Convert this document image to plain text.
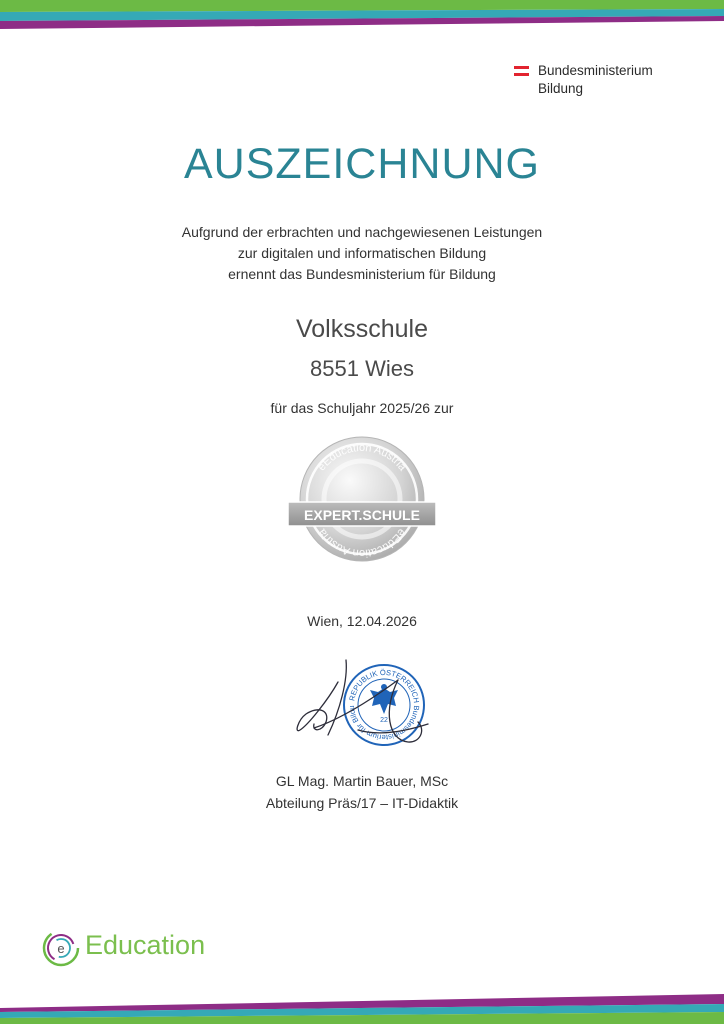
Bundesministerium
Bildung
AUSZEICHNUNG
Aufgrund der erbrachten und nachgewiesenen Leistungen
zur digitalen und informatischen Bildung
ernennt das Bundesministerium für Bildung
Volksschule
8551 Wies
für das Schuljahr 2025/26 zur
eEducation Austria
eEducation Austria
EXPERT.SCHULE
Wien, 12.04.2026
REPUBLIK ÖSTERREICH Bundesministerium für Bildu
22
GL Mag. Martin Bauer, MSc
Abteilung Präs/17 – IT-Didaktik
e Education
